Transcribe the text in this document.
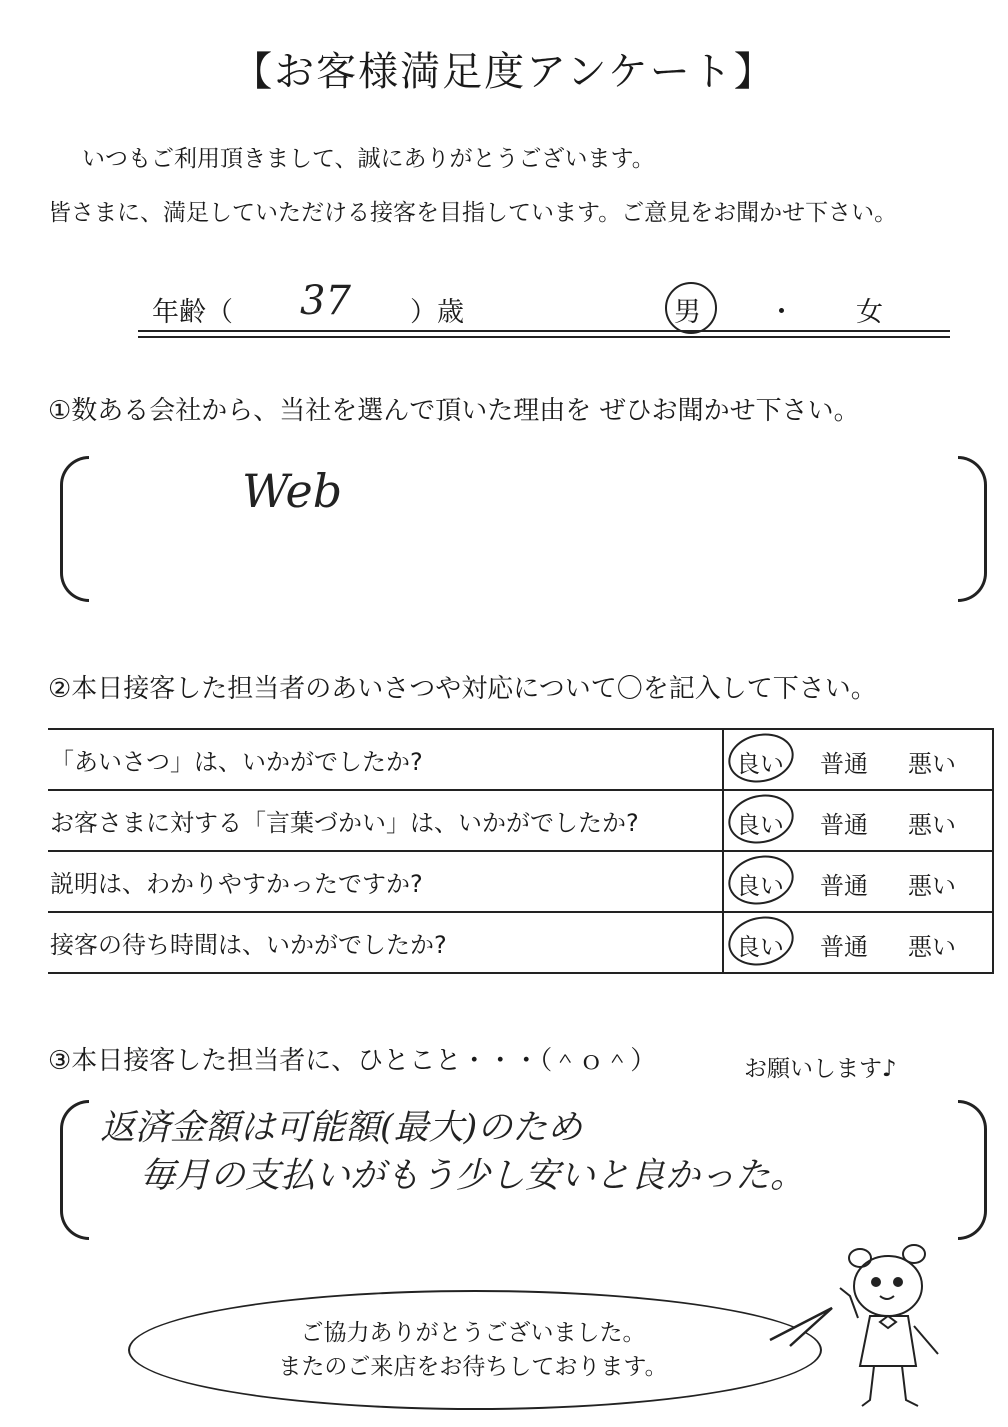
【お客様満足度アンケート】
いつもご利用頂きまして、誠にありがとうございます。
皆さまに、満足していただける接客を目指しています。ご意見をお聞かせ下さい。
年齢（ 37 ）歳	男 ・ 女
①数ある会社から、当社を選んで頂いた理由を ぜひお聞かせ下さい。
Web
②本日接客した担当者のあいさつや対応について〇を記入して下さい。
「あいさつ」は、いかがでしたか?	良い 普通 悪い

お客さまに対する「言葉づかい」は、いかがでしたか?	良い 普通 悪い

説明は、わかりやすかったですか?	良い 普通 悪い

接客の待ち時間は、いかがでしたか?	良い 普通 悪い
③本日接客した担当者に、ひとこと・・・（＾ｏ＾）	お願いします♪
返済金額は可能額(最大)のため
毎月の支払いがもう少し安いと良かった。
ご協力ありがとうございました。
またのご来店をお待ちしております。
